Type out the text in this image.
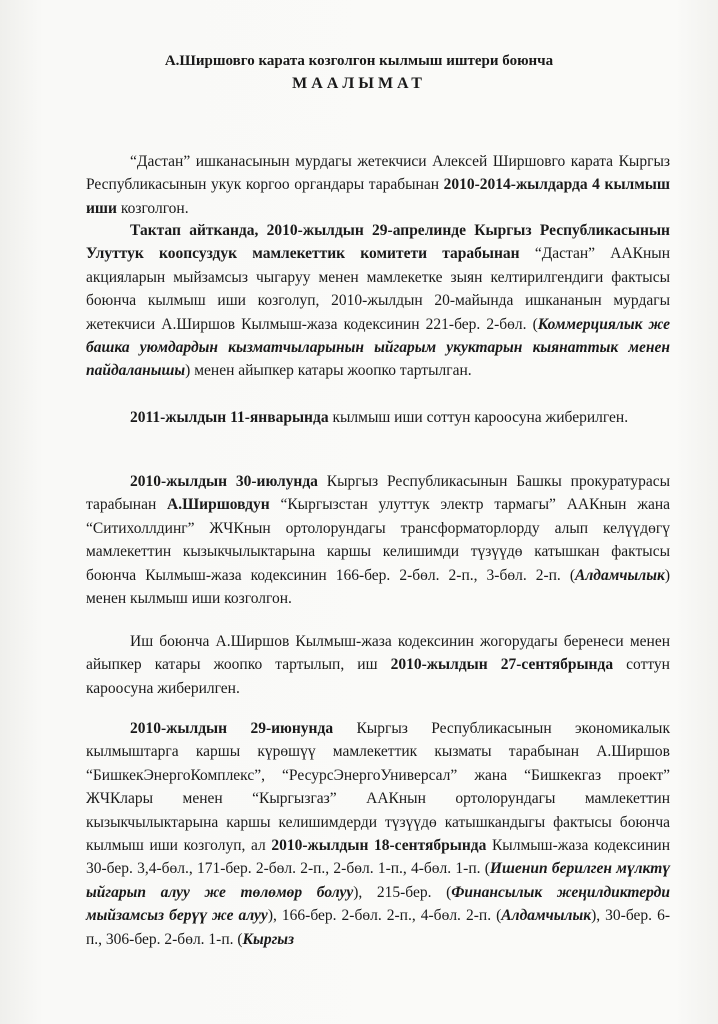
А.Ширшовго карата козголгон кылмыш иштери боюнча
МААЛЫМАТ

“Дастан” ишканасынын мурдагы жетекчиси Алексей Ширшовго карата Кыргыз Республикасынын укук коргоо органдары тарабынан 2010-2014-жылдарда 4 кылмыш иши козголгон.

Тактап айтканда, 2010-жылдын 29-апрелинде Кыргыз Республикасынын Улуттук коопсуздук мамлекеттик комитети тарабынан “Дастан” ААКнын акцияларын мыйзамсыз чыгаруу менен мамлекетке зыян келтирилгендиги фактысы боюнча кылмыш иши козголуп, 2010-жылдын 20-майында ишкананын мурдагы жетекчиси А.Ширшов Кылмыш-жаза кодексинин 221-бер. 2-бөл. (Коммерциялык же башка уюмдардын кызматчыларынын ыйгарым укуктарын кыянаттык менен пайдаланышы) менен айыпкер катары жоопко тартылган.

2011-жылдын 11-январында кылмыш иши соттун кароосуна жиберилген.

2010-жылдын 30-июлунда Кыргыз Республикасынын Башкы прокуратурасы тарабынан А.Ширшовдун “Кыргызстан улуттук электр тармагы” ААКнын жана “Ситихоллдинг” ЖЧКнын ортолорундагы трансформаторлорду алып келүүдөгү мамлекеттин кызыкчылыктарына каршы келишимди түзүүдө катышкан фактысы боюнча Кылмыш-жаза кодексинин 166-бер. 2-бөл. 2-п., 3-бөл. 2-п. (Алдамчылык) менен кылмыш иши козголгон.

Иш боюнча А.Ширшов Кылмыш-жаза кодексинин жогорудагы беренеси менен айыпкер катары жоопко тартылып, иш 2010-жылдын 27-сентябрында соттун кароосуна жиберилген.

2010-жылдын 29-июнунда Кыргыз Республикасынын экономикалык кылмыштарга каршы күрөшүү мамлекеттик кызматы тарабынан А.Ширшов “БишкекЭнергоКомплекс”, “РесурсЭнергоУниверсал” жана “Бишкекгаз проект” ЖЧКлары менен “Кыргызгаз” ААКнын ортолорундагы мамлекеттин кызыкчылыктарына каршы келишимдерди түзүүдө катышкандыгы фактысы боюнча кылмыш иши козголуп, ал 2010-жылдын 18-сентябрында Кылмыш-жаза кодексинин 30-бер. 3,4-бөл., 171-бер. 2-бөл. 2-п., 2-бөл. 1-п., 4-бөл. 1-п. (Ишенип берилген мүлктү ыйгарып алуу же төлөмөр болуу), 215-бер. (Финансылык жеңилдиктерди мыйзамсыз берүү же алуу), 166-бер. 2-бөл. 2-п., 4-бөл. 2-п. (Алдамчылык), 30-бер. 6-п., 306-бер. 2-бөл. 1-п. (Кыргыз
